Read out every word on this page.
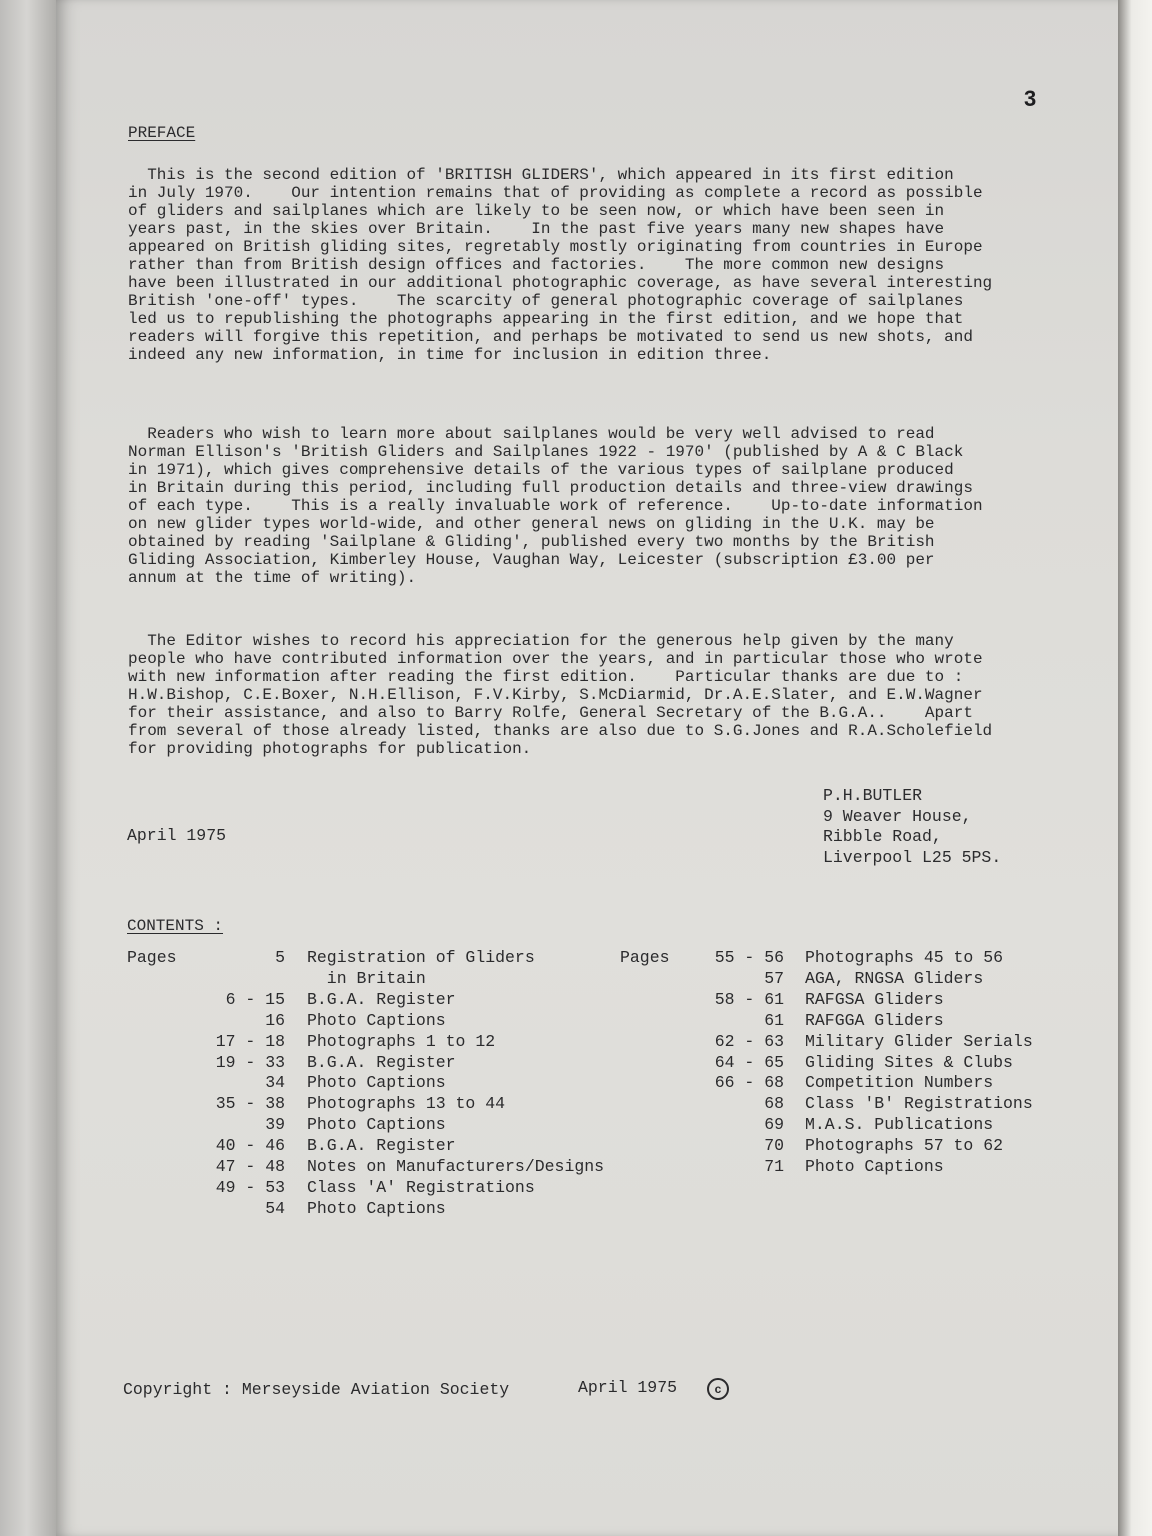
3
PREFACE
This is the second edition of 'BRITISH GLIDERS', which appeared in its first edition
in July 1970.    Our intention remains that of providing as complete a record as possible
of gliders and sailplanes which are likely to be seen now, or which have been seen in
years past, in the skies over Britain.    In the past five years many new shapes have
appeared on British gliding sites, regretably mostly originating from countries in Europe
rather than from British design offices and factories.    The more common new designs
have been illustrated in our additional photographic coverage, as have several interesting
British 'one-off' types.    The scarcity of general photographic coverage of sailplanes
led us to republishing the photographs appearing in the first edition, and we hope that
readers will forgive this repetition, and perhaps be motivated to send us new shots, and
indeed any new information, in time for inclusion in edition three.
Readers who wish to learn more about sailplanes would be very well advised to read
Norman Ellison's 'British Gliders and Sailplanes 1922 - 1970' (published by A & C Black
in 1971), which gives comprehensive details of the various types of sailplane produced
in Britain during this period, including full production details and three-view drawings
of each type.    This is a really invaluable work of reference.    Up-to-date information
on new glider types world-wide, and other general news on gliding in the U.K. may be
obtained by reading 'Sailplane & Gliding', published every two months by the British
Gliding Association, Kimberley House, Vaughan Way, Leicester (subscription £3.00 per
annum at the time of writing).
The Editor wishes to record his appreciation for the generous help given by the many
people who have contributed information over the years, and in particular those who wrote
with new information after reading the first edition.    Particular thanks are due to :
H.W.Bishop, C.E.Boxer, N.H.Ellison, F.V.Kirby, S.McDiarmid, Dr.A.E.Slater, and E.W.Wagner
for their assistance, and also to Barry Rolfe, General Secretary of the B.G.A..    Apart
from several of those already listed, thanks are also due to S.G.Jones and R.A.Scholefield
for providing photographs for publication.
P.H.BUTLER
9 Weaver House,
Ribble Road,
Liverpool L25 5PS.
April 1975
CONTENTS :
Pages	5 Registration of Gliders
in Britain
6 - 15 B.G.A. Register
16 Photo Captions
17 - 18 Photographs 1 to 12
19 - 33 B.G.A. Register
34 Photo Captions
35 - 38 Photographs 13 to 44
39 Photo Captions
40 - 46 B.G.A. Register
47 - 48 Notes on Manufacturers/Designs
49 - 53 Class 'A' Registrations
54 Photo Captions
Pages	55 - 56 Photographs 45 to 56
57 AGA, RNGSA Gliders
58 - 61 RAFGSA Gliders
61 RAFGGA Gliders
62 - 63 Military Glider Serials
64 - 65 Gliding Sites & Clubs
66 - 68 Competition Numbers
68 Class 'B' Registrations
69 M.A.S. Publications
70 Photographs 57 to 62
71 Photo Captions
Copyright : Merseyside Aviation Society	April 1975	c
